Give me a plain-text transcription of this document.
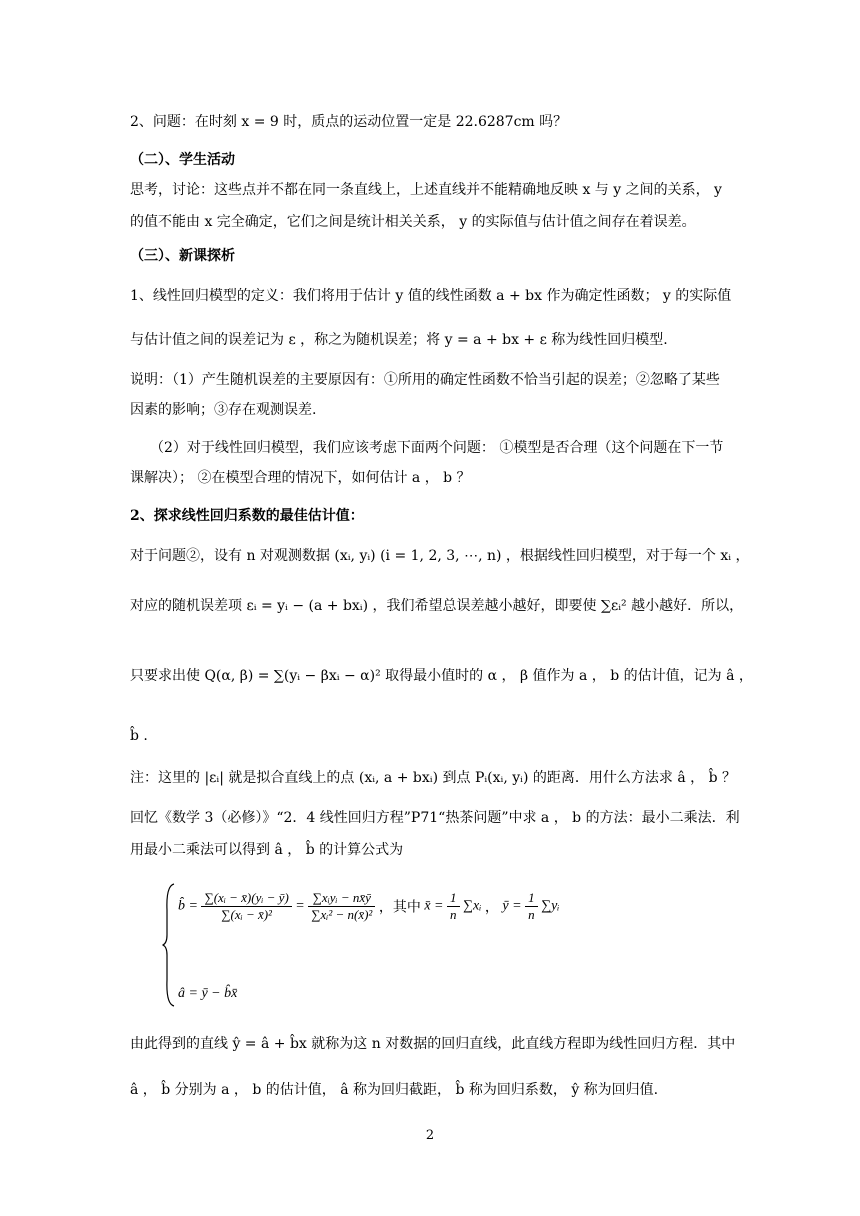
2、问题：在时刻 x = 9 时，质点的运动位置一定是 22.6287cm 吗？
（二）、学生活动
思考，讨论：这些点并不都在同一条直线上，上述直线并不能精确地反映 x 与 y 之间的关系， y
的值不能由 x 完全确定，它们之间是统计相关关系， y 的实际值与估计值之间存在着误差。
（三）、新课探析
1、线性回归模型的定义：我们将用于估计 y 值的线性函数 a + bx 作为确定性函数； y 的实际值
与估计值之间的误差记为 ε ，称之为随机误差；将 y = a + bx + ε 称为线性回归模型.
说明：（1）产生随机误差的主要原因有：①所用的确定性函数不恰当引起的误差；②忽略了某些
因素的影响；③存在观测误差.
（2）对于线性回归模型，我们应该考虑下面两个问题： ①模型是否合理（这个问题在下一节
课解决）； ②在模型合理的情况下，如何估计 a ， b ？
2、探求线性回归系数的最佳估计值：
对于问题②，设有 n 对观测数据 (xᵢ, yᵢ) (i = 1, 2, 3, ⋯, n) ，根据线性回归模型，对于每一个 xᵢ ，
对应的随机误差项 εᵢ = yᵢ − (a + bxᵢ) ，我们希望总误差越小越好，即要使 ∑εᵢ² 越小越好．所以，
只要求出使 Q(α, β) = ∑(yᵢ − βxᵢ − α)² 取得最小值时的 α ， β 值作为 a ， b 的估计值，记为 â ，
b̂ .
注：这里的 |εᵢ| 就是拟合直线上的点 (xᵢ, a + bxᵢ) 到点 Pᵢ(xᵢ, yᵢ) 的距离．用什么方法求 â ， b̂ ？
回忆《数学 3（必修）》“2．4 线性回归方程”P71“热茶问题”中求 a ， b 的方法：最小二乘法．利
用最小二乘法可以得到 â ， b̂ 的计算公式为
b̂ = $\frac{\text{∑(xᵢ − x̄)(yᵢ − ȳ)}}{\text{∑(xᵢ − x̄)²}} = \frac{\text{∑xᵢyᵢ − nx̄ȳ}}{\text{∑xᵢ² − n(x̄)²}}$ ，其中 x̄ = $\frac{1}{n}$ ∑xᵢ ， ȳ = $\frac{1}{n}$ ∑yᵢ
â = ȳ − b̂x̄
由此得到的直线 ŷ = â + b̂x 就称为这 n 对数据的回归直线，此直线方程即为线性回归方程．其中
â ， b̂ 分别为 a ， b 的估计值， â 称为回归截距， b̂ 称为回归系数， ŷ 称为回归值.
2
